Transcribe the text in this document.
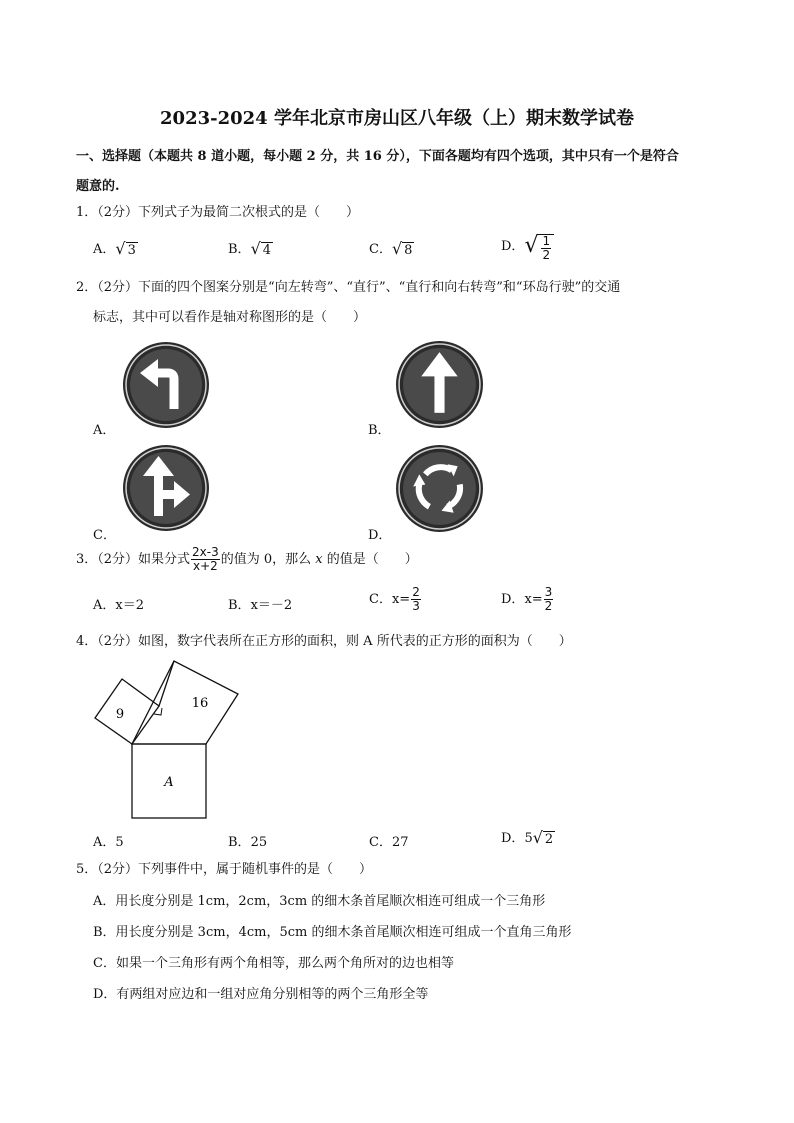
2023-2024 学年北京市房山区八年级（上）期末数学试卷
一、选择题（本题共 8 道小题，每小题 2 分，共 16 分），下面各题均有四个选项，其中只有一个是符合
题意的.
1．（2分）下列式子为最简二次根式的是（　　）
A． √ 3	B． √ 4	C． √ 8	D． √ $\frac{1}{2}$
2．（2分）下面的四个图案分别是“向左转弯”、“直行”、“直行和向右转弯”和“环岛行驶”的交通
标志，其中可以看作是轴对称图形的是（　　）
A．	B．
C．	D．
3．（2分）如果分式 $\frac{2x-3}{x+2}$ 的值为 0，那么 x 的值是（　　）
A．x＝2	B．x＝－2	C．$x= \frac{2}{3}$	D．$x= \frac{3}{2}$
4．（2分）如图，数字代表所在正方形的面积，则 A 所代表的正方形的面积为（　　）
9
16
A
A．5	B．25	C．27	D．5 √ 2
5．（2分）下列事件中，属于随机事件的是（　　）
A．用长度分别是 1cm，2cm，3cm 的细木条首尾顺次相连可组成一个三角形
B．用长度分别是 3cm，4cm，5cm 的细木条首尾顺次相连可组成一个直角三角形
C．如果一个三角形有两个角相等，那么两个角所对的边也相等
D．有两组对应边和一组对应角分别相等的两个三角形全等
